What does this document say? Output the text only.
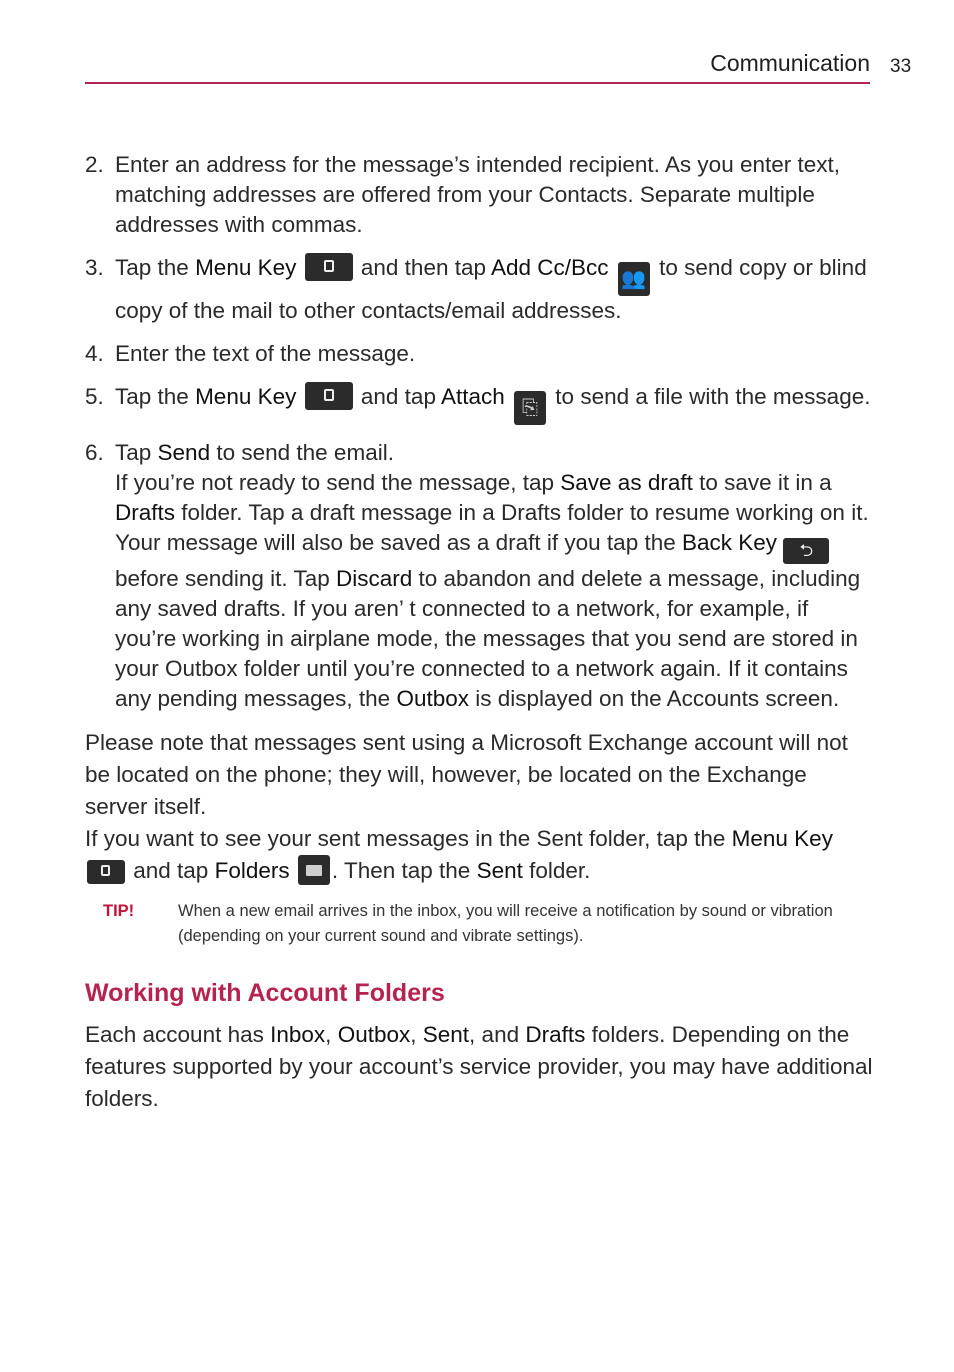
Communication 33
2. Enter an address for the message’s intended recipient. As you enter text, matching addresses are offered from your Contacts. Separate multiple addresses with commas.
3. Tap the Menu Key	and then tap Add Cc/Bcc 👥 to send copy or blind copy of the mail to other contacts/email addresses.
4. Enter the text of the message.
5. Tap the Menu Key	and tap Attach ⎘ to send a file with the message.
6. Tap Send to send the email.
If you’re not ready to send the message, tap Save as draft to save it in a Drafts folder. Tap a draft message in a Drafts folder to resume working on it. Your message will also be saved as a draft if you tap the Back Key ⮌ before sending it. Tap Discard to abandon and delete a message, including any saved drafts. If you aren’ t connected to a network, for example, if you’re working in airplane mode, the messages that you send are stored in your Outbox folder until you’re connected to a network again. If it contains any pending messages, the Outbox is displayed on the Accounts screen.

Please note that messages sent using a Microsoft Exchange account will not be located on the phone; they will, however, be located on the Exchange server itself.

If you want to see your sent messages in the Sent folder, tap the Menu Key  and tap Folders . Then tap the Sent folder.

TIP!	When a new email arrives in the inbox, you will receive a notification by sound or vibration (depending on your current sound and vibrate settings).
Working with Account Folders

Each account has Inbox, Outbox, Sent, and Drafts folders. Depending on the features supported by your account’s service provider, you may have additional folders.
